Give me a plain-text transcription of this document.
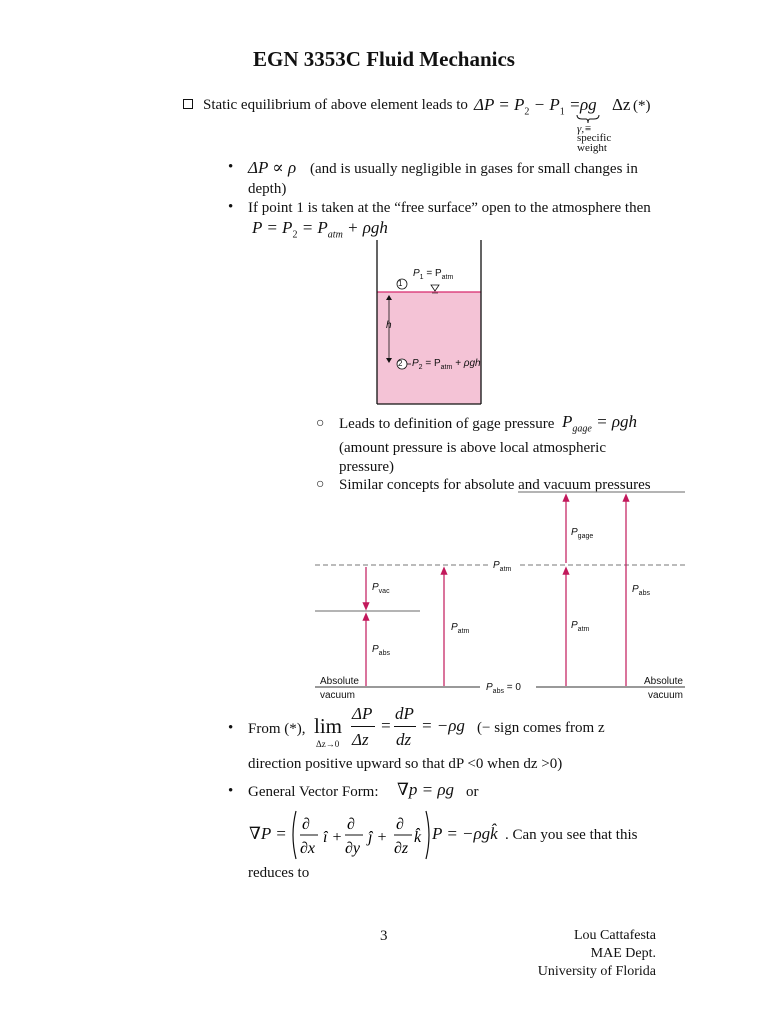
EGN 3353C Fluid Mechanics
Static equilibrium of above element leads to $\Delta P = P_2 - P_1 = \rho g$ Δz (*)
γ,≡
specific
weight
• ΔP ∝ ρ (and is usually negligible in gases for small changes in
depth)
• If point 1 is taken at the “free surface” open to the atmosphere then
$P = P_2 = P_{atm} + \rho gh$
1
2
$P_1 = P_{atm}$
h
$P_2 = P_{atm} + \rho gh$
○ Leads to definition of gage pressure $P_{gage} = \rho gh$
(amount pressure is above local atmospheric
pressure)
○ Similar concepts for absolute and vacuum pressures
$P_{gage}$
$P_{atm}$
$P_{vac}$	$P_{abs}$
$P_{atm}$
$P_{atm}$
$P_{abs}$
Absolute
vacuum
Absolute
vacuum
$P_{abs} = 0$
• From (*), lim
Δz→0
ΔP
Δz
=
dP
dz
= −ρg (− sign comes from z
direction positive upward so that dP <0 when dz >0)
• General Vector Form: ∇p = ρg or
∇P = ∂
∂x
î +
∂
∂y
ĵ +
∂
∂z
k̂ P = −ρgk̂ . Can you see that this
reduces to
3	Lou Cattafesta
MAE Dept.
University of Florida
